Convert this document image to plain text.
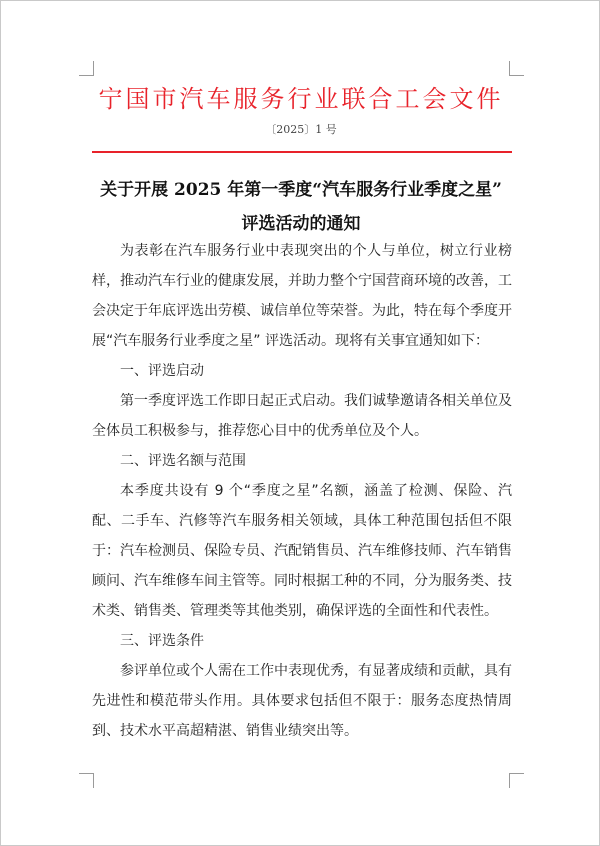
宁国市汽车服务行业联合工会文件
〔2025〕1 号
关于开展 2025 年第一季度“汽车服务行业季度之星”
评选活动的通知

为表彰在汽车服务行业中表现突出的个人与单位，树立行业榜样，推动汽车行业的健康发展，并助力整个宁国营商环境的改善，工会决定于年底评选出劳模、诚信单位等荣誉。为此，特在每个季度开展“汽车服务行业季度之星” 评选活动。现将有关事宜通知如下：

一、评选启动

第一季度评选工作即日起正式启动。我们诚挚邀请各相关单位及全体员工积极参与，推荐您心目中的优秀单位及个人。

二、评选名额与范围

本季度共设有 9 个“季度之星”名额，涵盖了检测、保险、汽配、二手车、汽修等汽车服务相关领域，具体工种范围包括但不限于：汽车检测员、保险专员、汽配销售员、汽车维修技师、汽车销售顾问、汽车维修车间主管等。同时根据工种的不同，分为服务类、技术类、销售类、管理类等其他类别，确保评选的全面性和代表性。

三、评选条件

参评单位或个人需在工作中表现优秀，有显著成绩和贡献，具有先进性和模范带头作用。具体要求包括但不限于：服务态度热情周到、技术水平高超精湛、销售业绩突出等。
